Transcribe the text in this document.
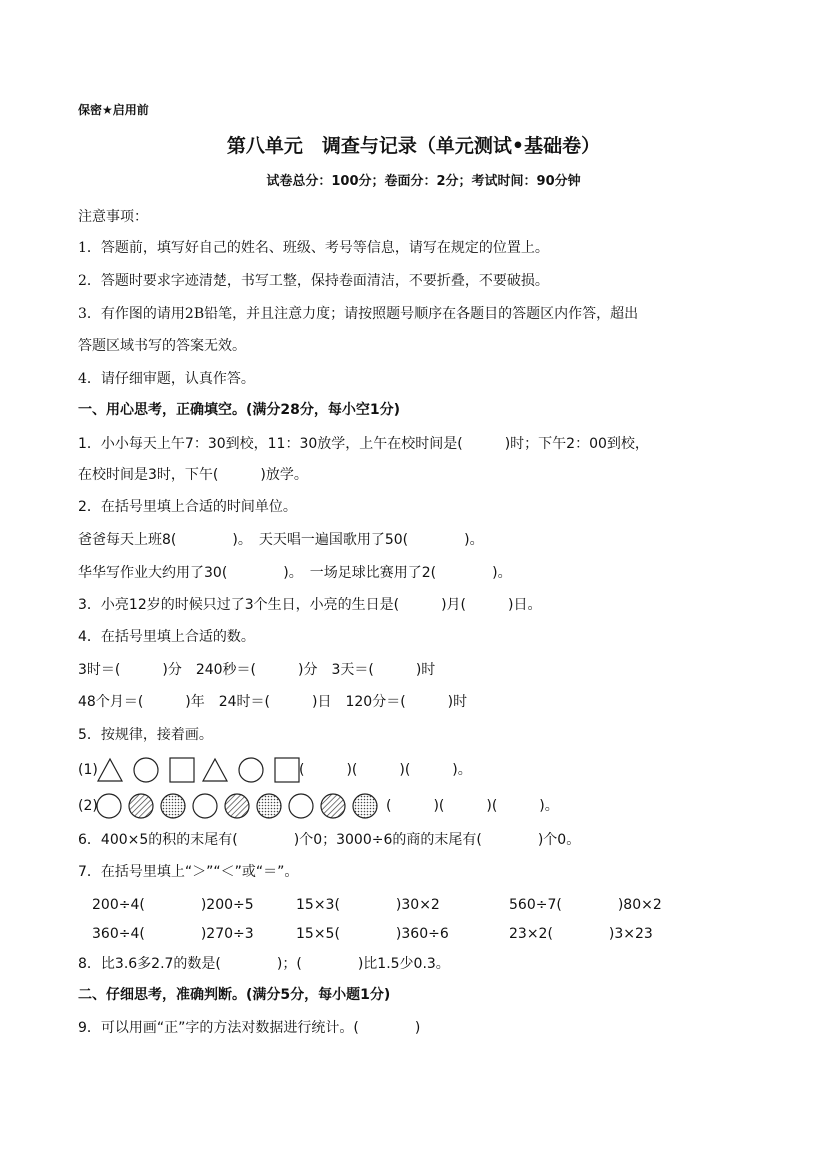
保密★启用前
第八单元　调查与记录（单元测试•基础卷）
试卷总分：100分；卷面分：2分；考试时间：90分钟
注意事项：
1．答题前，填写好自己的姓名、班级、考号等信息，请写在规定的位置上。
2．答题时要求字迹清楚，书写工整，保持卷面清洁，不要折叠，不要破损。
3．有作图的请用2B铅笔，并且注意力度；请按照题号顺序在各题目的答题区内作答，超出
答题区域书写的答案无效。
4．请仔细审题，认真作答。
一、用心思考，正确填空。(满分28分，每小空1分)
1．小小每天上午7：30到校，11：30放学，上午在校时间是(　　　)时；下午2：00到校，
在校时间是3时，下午(　　　)放学。
2．在括号里填上合适的时间单位。
爸爸每天上班8(　　　　)。　天天唱一遍国歌用了50(　　　　)。
华华写作业大约用了30(　　　　)。　一场足球比赛用了2(　　　　)。
3．小亮12岁的时候只过了3个生日，小亮的生日是(　　　)月(　　　)日。
4．在括号里填上合适的数。
3时＝(　　　)分　240秒＝(　　　)分　3天＝(　　　)时
48个月＝(　　　)年　24时＝(　　　)日　120分＝(　　　)时
5．按规律，接着画。
(1)	(　　　)(　　　)(　　　)。
(2)	(　　　)(　　　)(　　　)。
6．400×5的积的末尾有(　　　　)个0；3000÷6的商的末尾有(　　　　)个0。
7．在括号里填上“＞”“＜”或“＝”。
200÷4(　　　　)200÷5	15×3(　　　　)30×2	560÷7(　　　　)80×2
360÷4(　　　　)270÷3	15×5(　　　　)360÷6	23×2(　　　　)3×23
8．比3.6多2.7的数是(　　　　)；(　　　　)比1.5少0.3。
二、仔细思考，准确判断。(满分5分，每小题1分)
9．可以用画“正”字的方法对数据进行统计。(　　　　)
